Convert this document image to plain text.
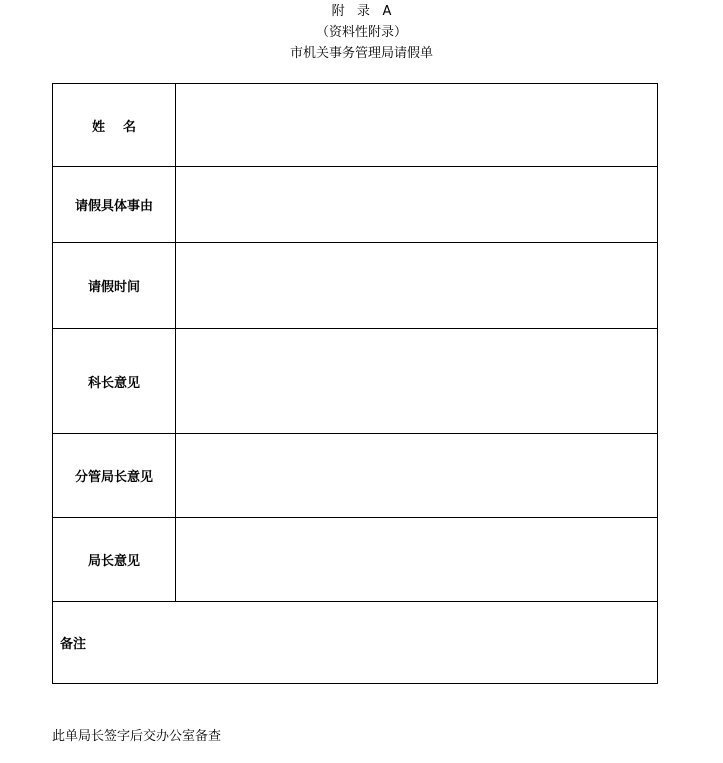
附   录   A
（资料性附录）
市机关事务管理局请假单
姓    名	
请假具体事由	
请假时间	
科长意见	
分管局长意见	
局长意见	
备注	
此单局长签字后交办公室备查
